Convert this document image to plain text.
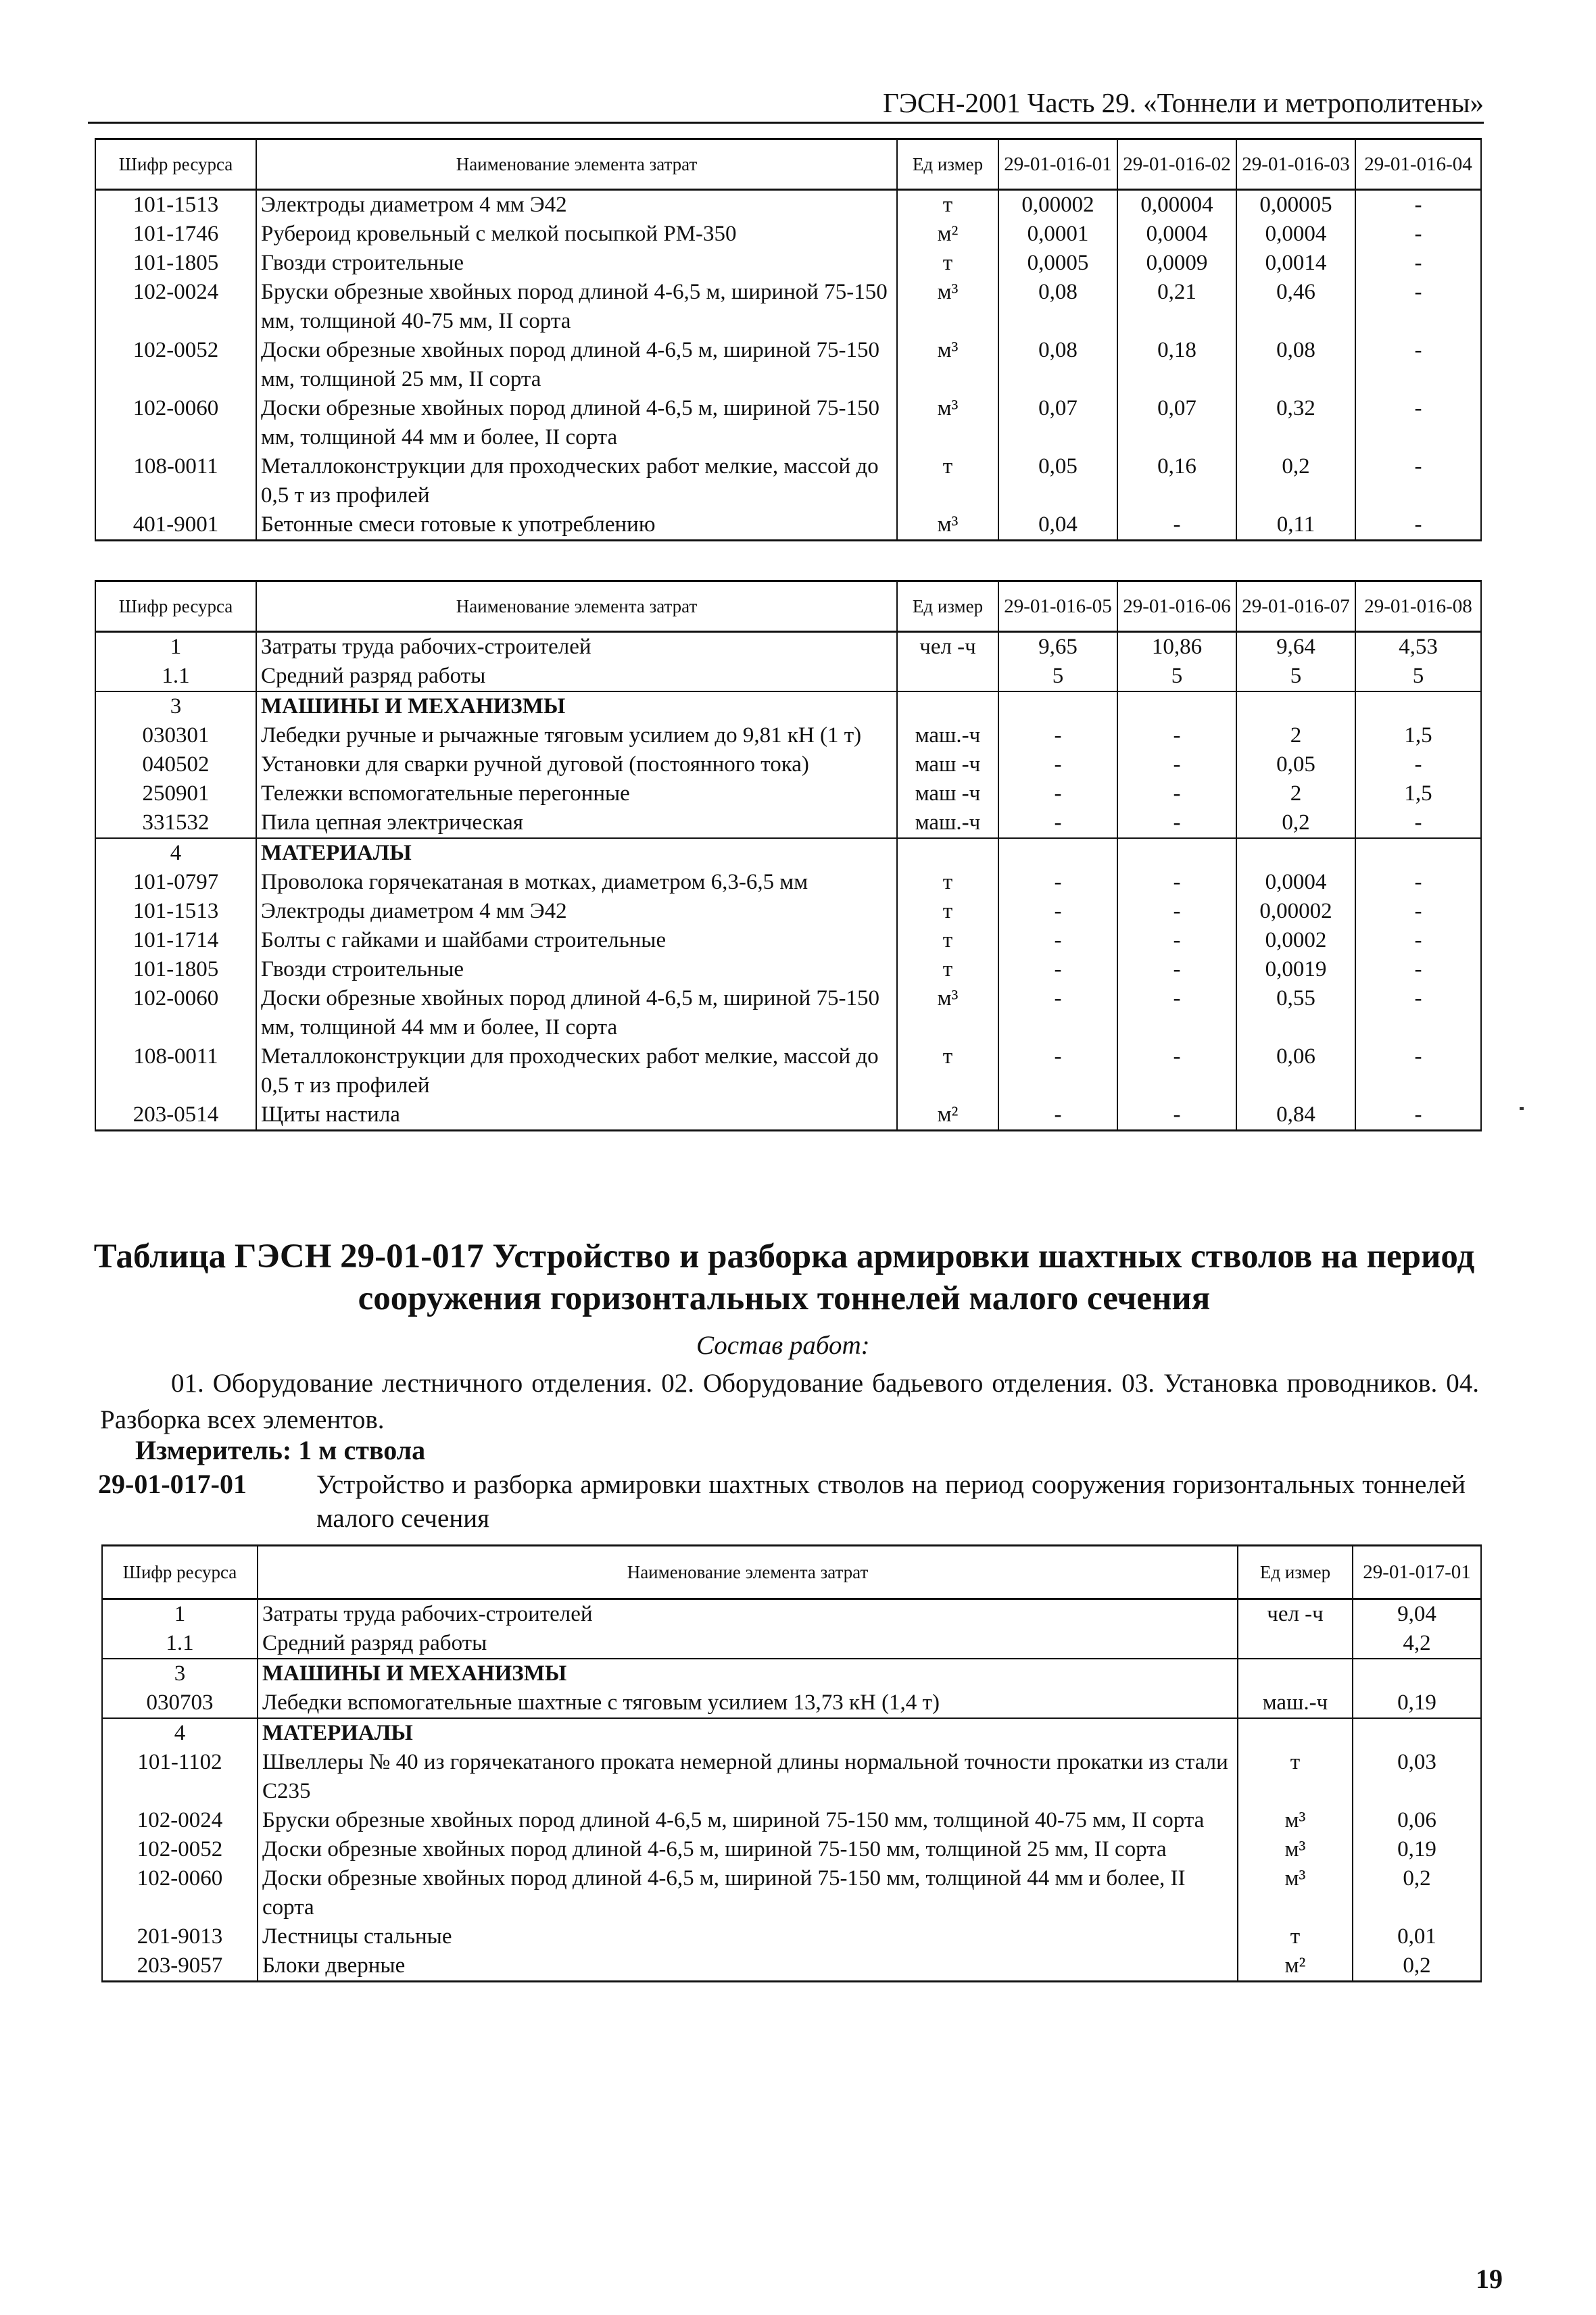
ГЭСН-2001 Часть 29. «Тоннели и метрополитены»
Шифр ресурса	Наименование элемента затрат	Ед измер	29-01-016-01	29-01-016-02	29-01-016-03	29-01-016-04
101-1513	Электроды диаметром 4 мм Э42	т	0,00002	0,00004	0,00005	-
101-1746	Рубероид кровельный с мелкой посыпкой РМ-350	м²	0,0001	0,0004	0,0004	-
101-1805	Гвозди строительные	т	0,0005	0,0009	0,0014	-
102-0024	Бруски обрезные хвойных пород длиной 4-6,5 м, шириной 75-150 мм, толщиной 40-75 мм, II сорта	м³	0,08	0,21	0,46	-
102-0052	Доски обрезные хвойных пород длиной 4-6,5 м, шириной 75-150 мм, толщиной 25 мм, II сорта	м³	0,08	0,18	0,08	-
102-0060	Доски обрезные хвойных пород длиной 4-6,5 м, шириной 75-150 мм, толщиной 44 мм и более, II сорта	м³	0,07	0,07	0,32	-
108-0011	Металлоконструкции для проходческих работ мелкие, массой до 0,5 т из профилей	т	0,05	0,16	0,2	-
401-9001	Бетонные смеси готовые к употреблению	м³	0,04	-	0,11	-
Шифр ресурса	Наименование элемента затрат	Ед измер	29-01-016-05	29-01-016-06	29-01-016-07	29-01-016-08
1	Затраты труда рабочих-строителей	чел -ч	9,65	10,86	9,64	4,53
1.1	Средний разряд работы		5	5	5	5
3	МАШИНЫ И МЕХАНИЗМЫ					
030301	Лебедки ручные и рычажные тяговым усилием до 9,81 кН (1 т)	маш.-ч	-	-	2	1,5
040502	Установки для сварки ручной дуговой (постоянного тока)	маш -ч	-	-	0,05	-
250901	Тележки вспомогательные перегонные	маш -ч	-	-	2	1,5
331532	Пила цепная электрическая	маш.-ч	-	-	0,2	-
4	МАТЕРИАЛЫ					
101-0797	Проволока горячекатаная в мотках, диаметром 6,3-6,5 мм	т	-	-	0,0004	-
101-1513	Электроды диаметром 4 мм Э42	т	-	-	0,00002	-
101-1714	Болты с гайками и шайбами строительные	т	-	-	0,0002	-
101-1805	Гвозди строительные	т	-	-	0,0019	-
102-0060	Доски обрезные хвойных пород длиной 4-6,5 м, шириной 75-150 мм, толщиной 44 мм и более, II сорта	м³	-	-	0,55	-
108-0011	Металлоконструкции для проходческих работ мелкие, массой до 0,5 т из профилей	т	-	-	0,06	-
203-0514	Щиты настила	м²	-	-	0,84	-
Таблица ГЭСН 29-01-017 Устройство и разборка армировки шахтных стволов на период
сооружения горизонтальных тоннелей малого сечения
Состав работ:
01. Оборудование лестничного отделения. 02. Оборудование бадьевого отделения. 03. Установка проводников. 04. Разборка всех элементов.
Измеритель: 1 м ствола
29-01-017-01	Устройство и разборка армировки шахтных стволов на период сооружения горизонтальных тоннелей малого сечения
Шифр ресурса	Наименование элемента затрат	Ед измер	29-01-017-01
1	Затраты труда рабочих-строителей	чел -ч	9,04
1.1	Средний разряд работы		4,2
3	МАШИНЫ И МЕХАНИЗМЫ		
030703	Лебедки вспомогательные шахтные с тяговым усилием 13,73 кН (1,4 т)	маш.-ч	0,19
4	МАТЕРИАЛЫ		
101-1102	Швеллеры № 40 из горячекатаного проката немерной длины нормальной точности прокатки из стали С235	т	0,03
102-0024	Бруски обрезные хвойных пород длиной 4-6,5 м, шириной 75-150 мм, толщиной 40-75 мм, II сорта	м³	0,06
102-0052	Доски обрезные хвойных пород длиной 4-6,5 м, шириной 75-150 мм, толщиной 25 мм, II сорта	м³	0,19
102-0060	Доски обрезные хвойных пород длиной 4-6,5 м, шириной 75-150 мм, толщиной 44 мм и более, II сорта	м³	0,2
201-9013	Лестницы стальные	т	0,01
203-9057	Блоки дверные	м²	0,2
19
